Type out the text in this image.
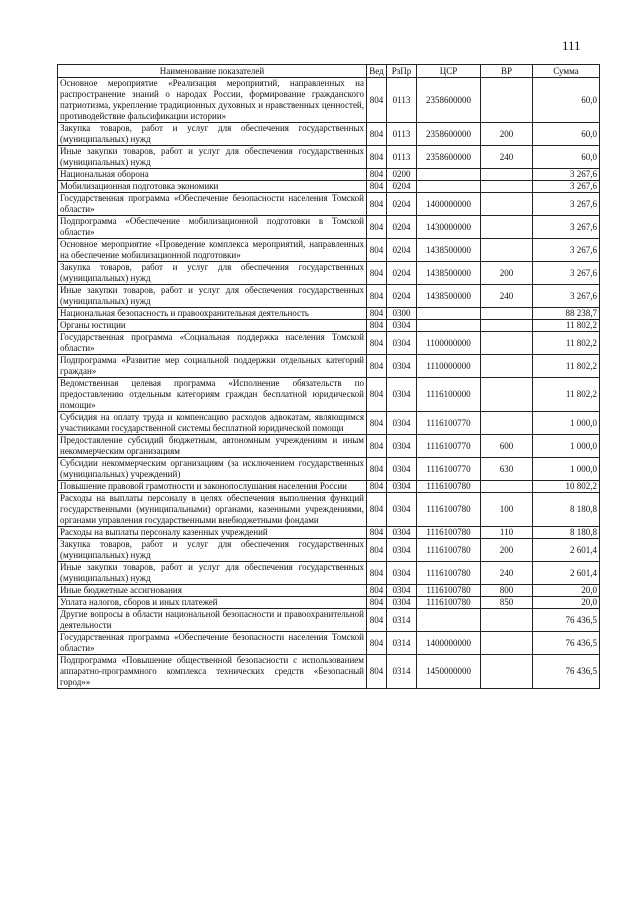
111
Наименование показателей	Вед	РзПр	ЦСР	ВР	Сумма
Основное мероприятие «Реализация мероприятий, направленных на распространение знаний о народах России, формирование гражданского патриотизма, укрепление традиционных духовных и нравственных ценностей, противодействие фальсификации истории»	804	0113	2358600000		60,0
Закупка товаров, работ и услуг для обеспечения государственных (муниципальных) нужд	804	0113	2358600000	200	60,0
Иные закупки товаров, работ и услуг для обеспечения государственных (муниципальных) нужд	804	0113	2358600000	240	60,0
Национальная оборона	804	0200			3 267,6
Мобилизационная подготовка экономики	804	0204			3 267,6
Государственная программа «Обеспечение безопасности населения Томской области»	804	0204	1400000000		3 267,6
Подпрограмма «Обеспечение мобилизационной подготовки в Томской области»	804	0204	1430000000		3 267,6
Основное мероприятие «Проведение комплекса мероприятий, направленных на обеспечение мобилизационной подготовки»	804	0204	1438500000		3 267,6
Закупка товаров, работ и услуг для обеспечения государственных (муниципальных) нужд	804	0204	1438500000	200	3 267,6
Иные закупки товаров, работ и услуг для обеспечения государственных (муниципальных) нужд	804	0204	1438500000	240	3 267,6
Национальная безопасность и правоохранительная деятельность	804	0300			88 238,7
Органы юстиции	804	0304			11 802,2
Государственная программа «Социальная поддержка населения Томской области»	804	0304	1100000000		11 802,2
Подпрограмма «Развитие мер социальной поддержки отдельных категорий граждан»	804	0304	1110000000		11 802,2
Ведомственная целевая программа «Исполнение обязательств по предоставлению отдельным категориям граждан бесплатной юридической помощи»	804	0304	1116100000		11 802,2
Субсидия на оплату труда и компенсацию расходов адвокатам, являющимся участниками государственной системы бесплатной юридической помощи	804	0304	1116100770		1 000,0
Предоставление субсидий бюджетным, автономным учреждениям и иным некоммерческим организациям	804	0304	1116100770	600	1 000,0
Субсидии некоммерческим организациям (за исключением государственных (муниципальных) учреждений)	804	0304	1116100770	630	1 000,0
Повышение правовой грамотности и законопослушания населения России	804	0304	1116100780		10 802,2
Расходы на выплаты персоналу в целях обеспечения выполнения функций государственными (муниципальными) органами, казенными учреждениями, органами управления государственными внебюджетными фондами	804	0304	1116100780	100	8 180,8
Расходы на выплаты персоналу казенных учреждений	804	0304	1116100780	110	8 180,8
Закупка товаров, работ и услуг для обеспечения государственных (муниципальных) нужд	804	0304	1116100780	200	2 601,4
Иные закупки товаров, работ и услуг для обеспечения государственных (муниципальных) нужд	804	0304	1116100780	240	2 601,4
Иные бюджетные ассигнования	804	0304	1116100780	800	20,0
Уплата налогов, сборов и иных платежей	804	0304	1116100780	850	20,0
Другие вопросы в области национальной безопасности и правоохранительной деятельности	804	0314			76 436,5
Государственная программа «Обеспечение безопасности населения Томской области»	804	0314	1400000000		76 436,5
Подпрограмма «Повышение общественной безопасности с использованием аппаратно-программного комплекса технических средств «Безопасный город»»	804	0314	1450000000		76 436,5
